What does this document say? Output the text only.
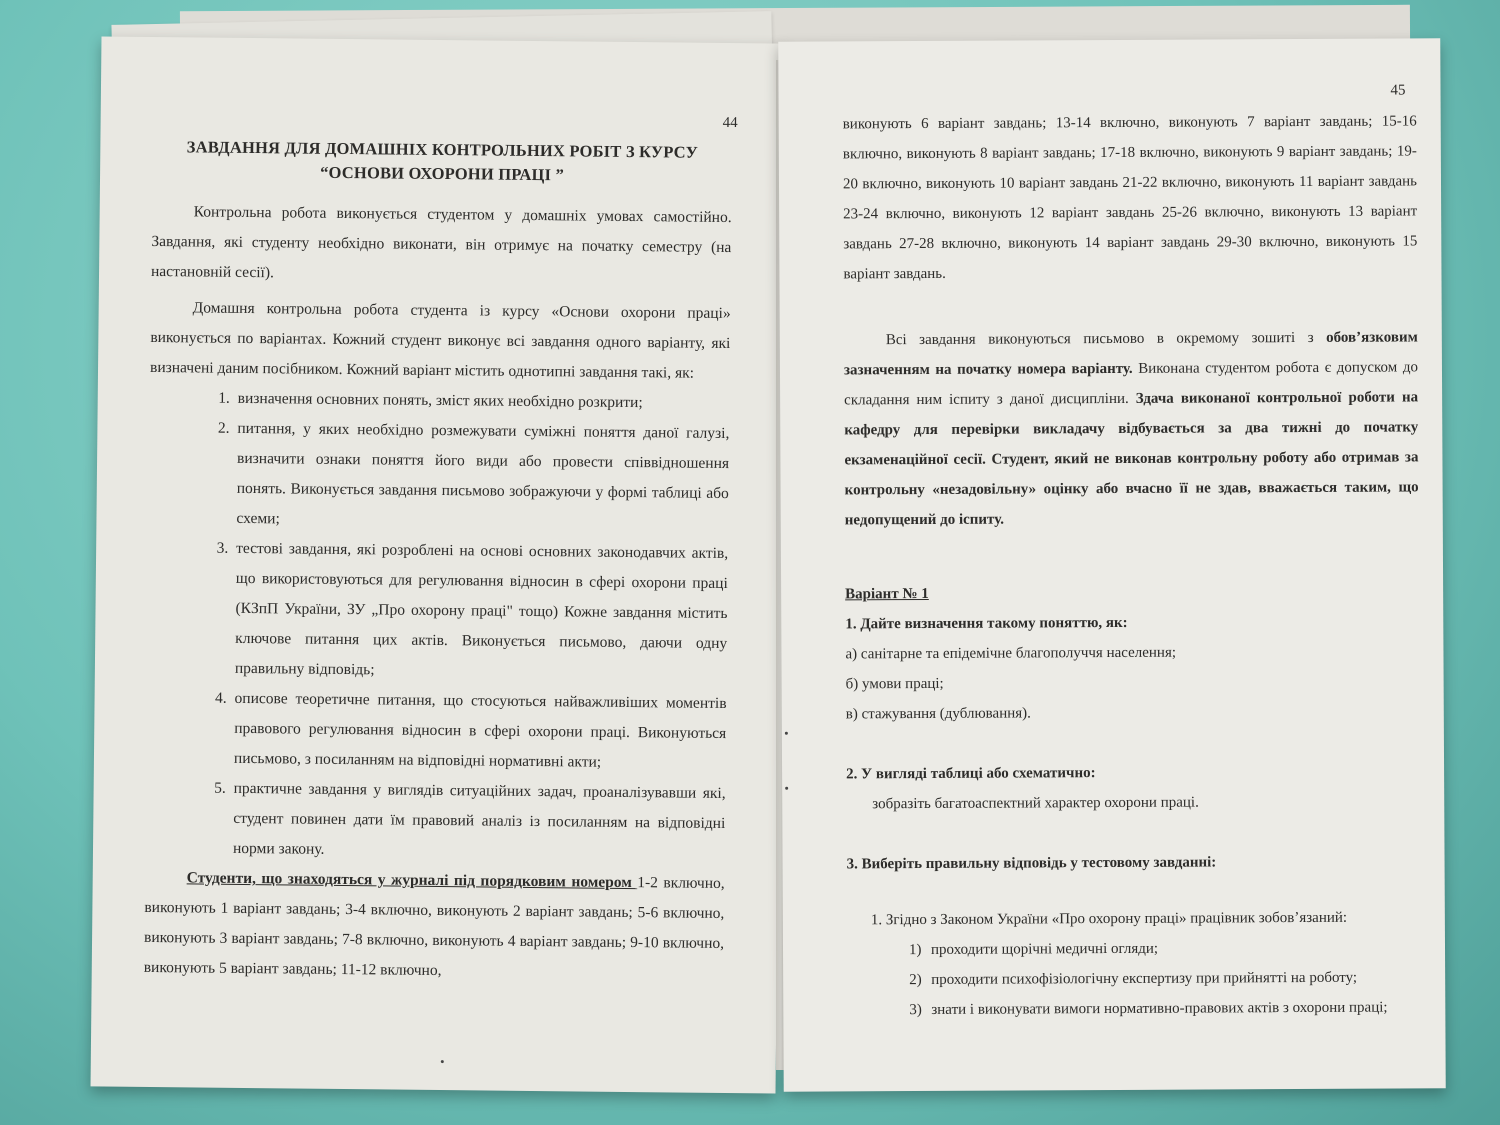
44
ЗАВДАННЯ ДЛЯ ДОМАШНІХ КОНТРОЛЬНИХ РОБІТ З КУРСУ
“ОСНОВИ ОХОРОНИ ПРАЦІ ”

Контрольна робота виконується студентом у домашніх умовах самостійно. Завдання, які студенту необхідно виконати, він отримує на початку семестру (на настановній сесії).

Домашня контрольна робота студента із курсу «Основи охорони праці» виконується по варіантах. Кожний студент виконує всі завдання одного варіанту, які визначені даним посібником. Кожний варіант містить однотипні завдання такі, як:

1. визначення основних понять, зміст яких необхідно розкрити;
2. питання, у яких необхідно розмежувати суміжні поняття даної галузі, визначити ознаки поняття його види або провести співвідношення понять. Виконується завдання письмово зображуючи у формі таблиці або схеми;
3. тестові завдання, які розроблені на основі основних законодавчих актів, що використовуються для регулювання відносин в сфері охорони праці (КЗпП України, ЗУ „Про охорону праці" тощо) Кожне завдання містить ключове питання цих актів. Виконується письмово, даючи одну правильну відповідь;
4. описове теоретичне питання, що стосуються найважливіших моментів правового регулювання відносин в сфері охорони праці. Виконуються письмово, з посиланням на відповідні нормативні акти;
5. практичне завдання у виглядів ситуаційних задач, проаналізувавши які, студент повинен дати їм правовий аналіз із посиланням на відповідні норми закону.

Студенти, що знаходяться у журналі під порядковим номером 1-2 включно, виконують 1 варіант завдань; 3-4 включно, виконують 2 варіант завдань; 5-6 включно, виконують 3 варіант завдань; 7-8 включно, виконують 4 варіант завдань; 9-10 включно, виконують 5 варіант завдань; 11-12 включно,

45

виконують 6 варіант завдань; 13-14 включно, виконують 7 варіант завдань; 15-16 включно, виконують 8 варіант завдань; 17-18 включно, виконують 9 варіант завдань; 19-20 включно, виконують 10 варіант завдань 21-22 включно, виконують 11 варіант завдань 23-24 включно, виконують 12 варіант завдань 25-26 включно, виконують 13 варіант завдань 27-28 включно, виконують 14 варіант завдань 29-30 включно, виконують 15 варіант завдань.

Всі завдання виконуються письмово в окремому зошиті з обов’язковим зазначенням на початку номера варіанту. Виконана студентом робота є допуском до складання ним іспиту з даної дисципліни. Здача виконаної контрольної роботи на кафедру для перевірки викладачу відбувається за два тижні до початку екзаменаційної сесії. Студент, який не виконав контрольну роботу або отримав за контрольну «незадовільну» оцінку або вчасно її не здав, вважається таким, що недопущений до іспиту.

Варіант № 1

1. Дайте визначення такому поняттю, як:

а) санітарне та епідемічне благополуччя населення;

б) умови праці;

в) стажування (дублювання).

2. У вигляді таблиці або схематично:

зобразіть багатоаспектний характер охорони праці.

3. Виберіть правильну відповідь у тестовому завданні:

1. Згідно з Законом України «Про охорону праці» працівник зобов’язаний:

1) проходити щорічні медичні огляди;
2) проходити психофізіологічну експертизу при прийнятті на роботу;
3) знати і виконувати вимоги нормативно-правових актів з охорони праці;
